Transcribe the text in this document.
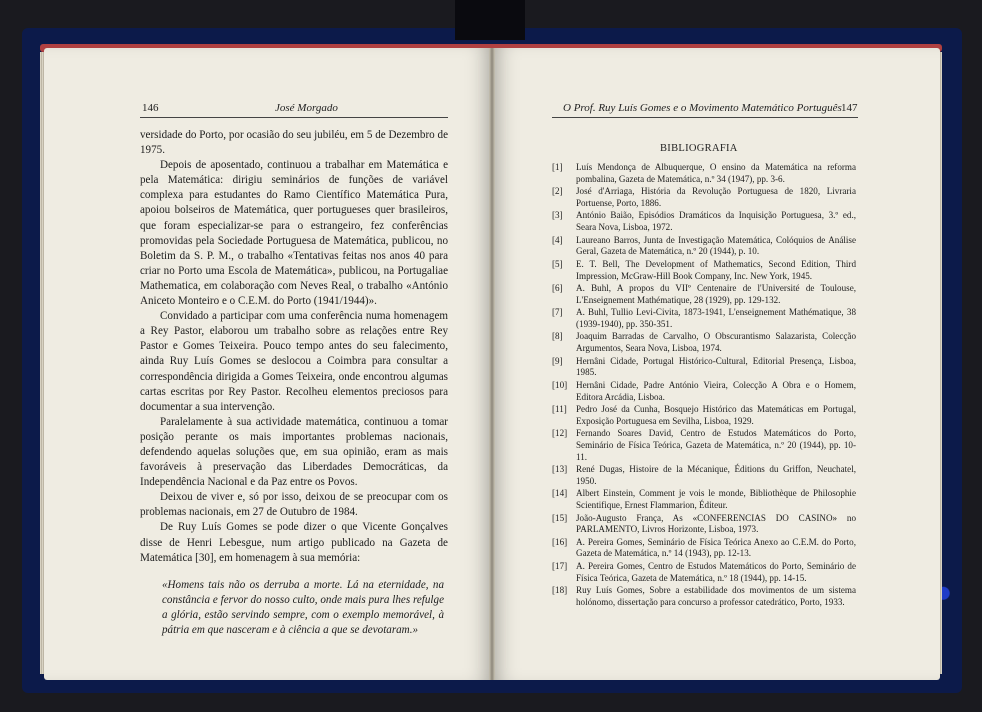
146	José Morgado

versidade do Porto, por ocasião do seu jubiléu, em 5 de Dezembro de 1975.

Depois de aposentado, continuou a trabalhar em Matemática e pela Matemática: dirigiu seminários de funções de variável complexa para estudantes do Ramo Científico Matemática Pura, apoiou bolseiros de Matemática, quer portugueses quer brasileiros, que foram especializar-se para o estrangeiro, fez conferências promovidas pela Sociedade Portuguesa de Matemática, publicou, no Boletim da S. P. M., o trabalho «Tentativas feitas nos anos 40 para criar no Porto uma Escola de Matemática», publicou, na Portugaliae Mathematica, em colaboração com Neves Real, o trabalho «António Aniceto Monteiro e o C.E.M. do Porto (1941/1944)».

Convidado a participar com uma conferência numa homenagem a Rey Pastor, elaborou um trabalho sobre as relações entre Rey Pastor e Gomes Teixeira. Pouco tempo antes do seu falecimento, ainda Ruy Luís Gomes se deslocou a Coimbra para consultar a correspondência dirigida a Gomes Teixeira, onde encontrou algumas cartas escritas por Rey Pastor. Recolheu elementos preciosos para documentar a sua intervenção.

Paralelamente à sua actividade matemática, continuou a tomar posição perante os mais importantes problemas nacionais, defendendo aquelas soluções que, em sua opinião, eram as mais favoráveis à preservação das Liberdades Democráticas, da Independência Nacional e da Paz entre os Povos.

Deixou de viver e, só por isso, deixou de se preocupar com os problemas nacionais, em 27 de Outubro de 1984.

De Ruy Luís Gomes se pode dizer o que Vicente Gonçalves disse de Henri Lebesgue, num artigo publicado na Gazeta de Matemática [30], em homenagem à sua memória:

«Homens tais não os derruba a morte. Lá na eternidade, na constância e fervor do nosso culto, onde mais pura lhes refulge a glória, estão servindo sempre, com o exemplo memorável, à pátria em que nasceram e à ciência a que se devotaram.»

O Prof. Ruy Luís Gomes e o Movimento Matemático Português 147
BIBLIOGRAFIA
[1]	Luís Mendonça de Albuquerque, O ensino da Matemática na reforma pombalina, Gazeta de Matemática, n.º 34 (1947), pp. 3-6.
[2]	José d'Arriaga, História da Revolução Portuguesa de 1820, Livraria Portuense, Porto, 1886.
[3]	António Baião, Episódios Dramáticos da Inquisição Portuguesa, 3.º ed., Seara Nova, Lisboa, 1972.
[4]	Laureano Barros, Junta de Investigação Matemática, Colóquios de Análise Geral, Gazeta de Matemática, n.º 20 (1944), p. 10.
[5]	E. T. Bell, The Development of Mathematics, Second Edition, Third Impression, McGraw-Hill Book Company, Inc. New York, 1945.
[6]	A. Buhl, A propos du VIIº Centenaire de l'Université de Toulouse, L'Enseignement Mathématique, 28 (1929), pp. 129-132.
[7]	A. Buhl, Tullio Levi-Civita, 1873-1941, L'enseignement Mathématique, 38 (1939-1940), pp. 350-351.
[8]	Joaquim Barradas de Carvalho, O Obscurantismo Salazarista, Colecção Argumentos, Seara Nova, Lisboa, 1974.
[9]	Hernâni Cidade, Portugal Histórico-Cultural, Editorial Presença, Lisboa, 1985.
[10] Hernâni Cidade, Padre António Vieira, Colecção A Obra e o Homem, Editora Arcádia, Lisboa.
[11]	Pedro José da Cunha, Bosquejo Histórico das Matemáticas em Portugal, Exposição Portuguesa em Sevilha, Lisboa, 1929.
[12] Fernando Soares David, Centro de Estudos Matemáticos do Porto, Seminário de Física Teórica, Gazeta de Matemática, n.º 20 (1944), pp. 10-11.
[13] René Dugas, Histoire de la Mécanique, Éditions du Griffon, Neuchatel, 1950.
[14] Albert Einstein, Comment je vois le monde, Bibliothèque de Philosophie Scientifique, Ernest Flammarion, Éditeur.
[15] João-Augusto França, As «CONFERENCIAS DO CASINO» no PARLAMENTO, Livros Horizonte, Lisboa, 1973.
[16] A. Pereira Gomes, Seminário de Física Teórica Anexo ao C.E.M. do Porto, Gazeta de Matemática, n.º 14 (1943), pp. 12-13.
[17] A. Pereira Gomes, Centro de Estudos Matemáticos do Porto, Seminário de Física Teórica, Gazeta de Matemática, n.º 18 (1944), pp. 14-15.
[18] Ruy Luís Gomes, Sobre a estabilidade dos movimentos de um sistema holónomo, dissertação para concurso a professor catedrático, Porto, 1933.
